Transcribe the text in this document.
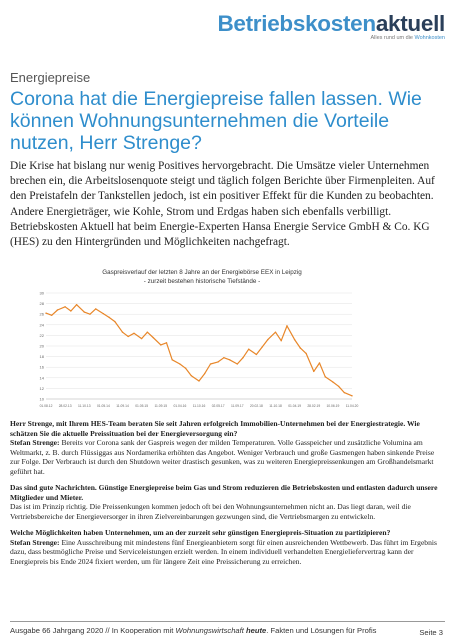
Betriebskostenaktuell
Alles rund um die Wohnkosten
Energiepreise
Corona hat die Energiepreise fallen lassen. Wie können Wohnungsunternehmen die Vorteile nutzen, Herr Strenge?

Die Krise hat bislang nur wenig Positives hervorgebracht. Die Umsätze vieler Unternehmen brechen ein, die Arbeitslosenquote steigt und täglich folgen Berichte über Firmenpleiten. Auf den Preistafeln der Tankstellen jedoch, ist ein positiver Effekt für die Kunden zu beobachten. Andere Energieträger, wie Kohle, Strom und Erdgas haben sich ebenfalls verbilligt. Betriebskosten Aktuell hat beim Energie-Experten Hansa Energie Service GmbH & Co. KG (HES) zu den Hintergründen und Möglichkeiten nachgefragt.

Gaspreisverlauf der letzten 8 Jahre an der Energiebörse EEX in Leipzig
- zurzeit bestehen historische Tiefstände -
10
12
14
16
18
20
22
24
26
28
30
01.08.12 28.02.13 11.10.13 01.05.14 11.09.14 01.05.15 11.09.15 01.04.16 11.10.16 02.05.17 11.09.17 20.02.18 11.10.18 01.04.19 28.02.19 10.06.19 11.04.20

Herr Strenge, mit Ihrem HES-Team beraten Sie seit Jahren erfolgreich Immobilien-Unternehmen bei der Energiestrategie. Wie schätzen Sie die aktuelle Preissituation bei der Energieversorgung ein?
Stefan Strenge: Bereits vor Corona sank der Gaspreis wegen der milden Temperaturen. Volle Gasspeicher und zusätzliche Volumina am Weltmarkt, z. B. durch Flüssiggas aus Nordamerika erhöhten das Angebot. Weniger Verbrauch und große Gasmengen haben sinkende Preise zur Folge. Der Verbrauch ist durch den Shutdown weiter drastisch gesunken, was zu weiteren Energiepreissenkungen am Großhandelsmarkt geführt hat.

Das sind gute Nachrichten. Günstige Energiepreise beim Gas und Strom reduzieren die Betriebskosten und entlasten dadurch unsere Mitglieder und Mieter.
Das ist im Prinzip richtig. Die Preissenkungen kommen jedoch oft bei den Wohnungsunternehmen nicht an. Das liegt daran, weil die Vertriebsbereiche der Energieversorger in ihren Zielvereinbarungen gezwungen sind, die Vertriebsmargen zu entwickeln.

Welche Möglichkeiten haben Unternehmen, um an der zurzeit sehr günstigen Energiepreis-Situation zu partizipieren?
Stefan Strenge: Eine Ausschreibung mit mindestens fünf Energieanbietern sorgt für einen ausreichenden Wettbewerb. Das führt im Ergebnis dazu, dass bestmögliche Preise und Serviceleistungen erzielt werden. In einem individuell verhandelten Energieliefervertrag kann der Energiepreis bis Ende 2024 fixiert werden, um für längere Zeit eine Preissicherung zu erreichen.

Ausgabe 66 Jahrgang 2020 // In Kooperation mit Wohnungswirtschaft heute. Fakten und Lösungen für Profis	Seite 3
